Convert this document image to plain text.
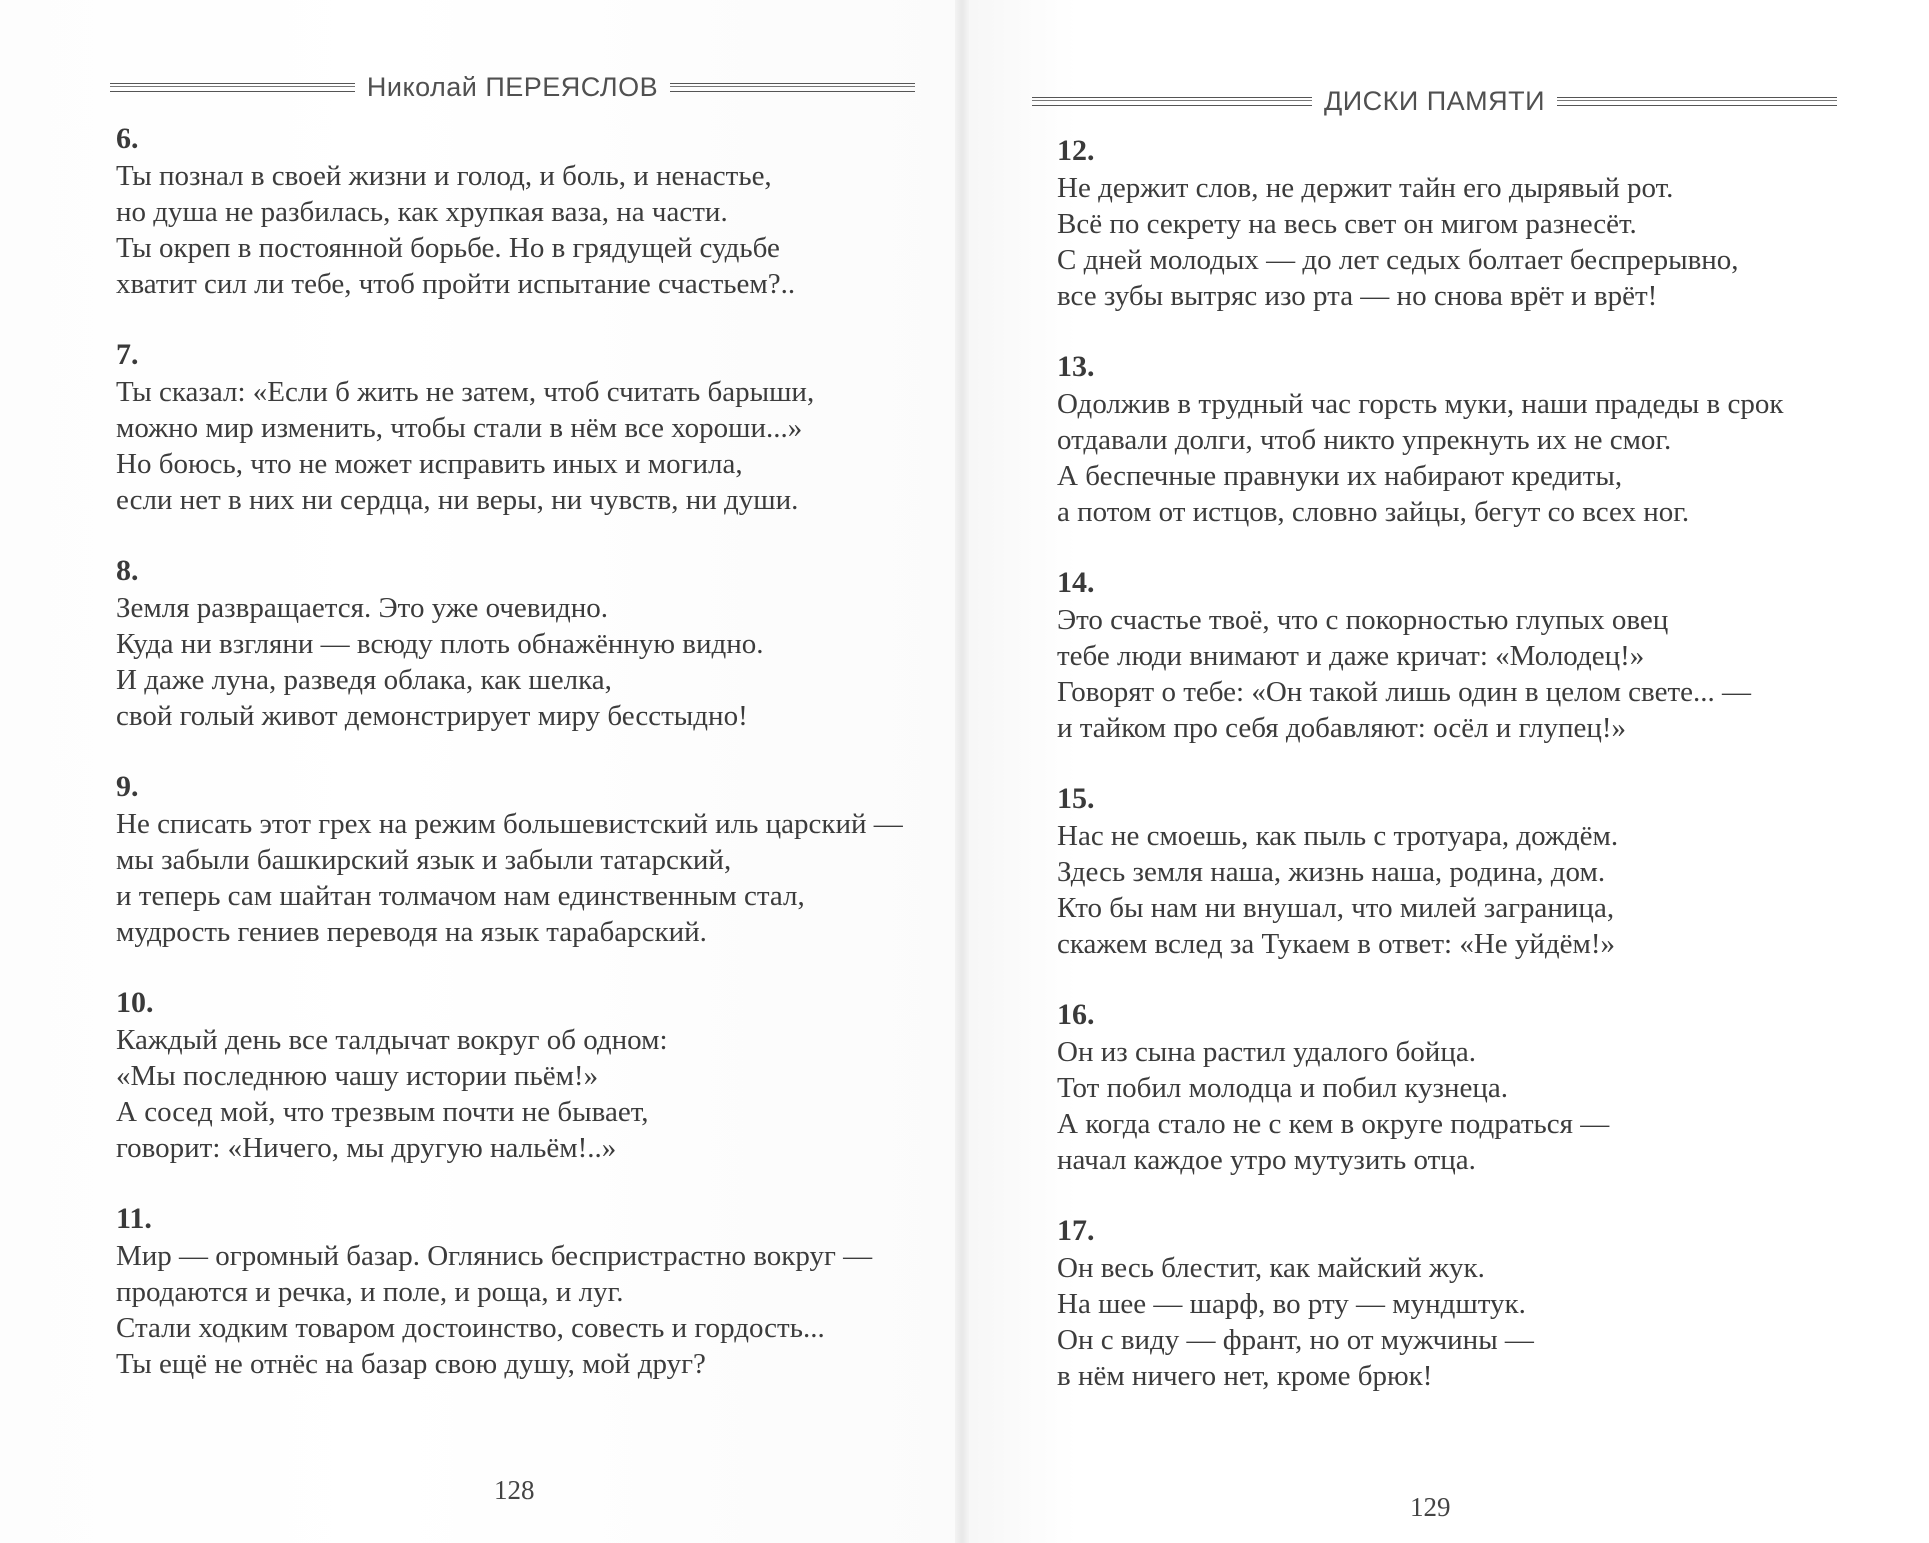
Николай ПЕРЕЯСЛОВ
6.
Ты познал в своей жизни и голод, и боль, и ненастье,
но душа не разбилась, как хрупкая ваза, на части.
Ты окреп в постоянной борьбе. Но в грядущей судьбе
хватит сил ли тебе, чтоб пройти испытание счастьем?..
7.
Ты сказал: «Если б жить не затем, чтоб считать барыши,
можно мир изменить, чтобы стали в нём все хороши...»
Но боюсь, что не может исправить иных и могила,
если нет в них ни сердца, ни веры, ни чувств, ни души.
8.
Земля развращается. Это уже очевидно.
Куда ни взгляни — всюду плоть обнажённую видно.
И даже луна, разведя облака, как шелка,
свой голый живот демонстрирует миру бесстыдно!
9.
Не списать этот грех на режим большевистский иль царский —
мы забыли башкирский язык и забыли татарский,
и теперь сам шайтан толмачом нам единственным стал,
мудрость гениев переводя на язык тарабарский.
10.
Каждый день все талдычат вокруг об одном:
«Мы последнюю чашу истории пьём!»
А сосед мой, что трезвым почти не бывает,
говорит: «Ничего, мы другую нальём!..»
11.
Мир — огромный базар. Оглянись беспристрастно вокруг —
продаются и речка, и поле, и роща, и луг.
Стали ходким товаром достоинство, совесть и гордость...
Ты ещё не отнёс на базар свою душу, мой друг?
128
ДИСКИ ПАМЯТИ
12.
Не держит слов, не держит тайн его дырявый рот.
Всё по секрету на весь свет он мигом разнесёт.
С дней молодых — до лет седых болтает беспрерывно,
все зубы вытряс изо рта — но снова врёт и врёт!
13.
Одолжив в трудный час горсть муки, наши прадеды в срок
отдавали долги, чтоб никто упрекнуть их не смог.
А беспечные правнуки их набирают кредиты,
а потом от истцов, словно зайцы, бегут со всех ног.
14.
Это счастье твоё, что с покорностью глупых овец
тебе люди внимают и даже кричат: «Молодец!»
Говорят о тебе: «Он такой лишь один в целом свете... —
и тайком про себя добавляют: осёл и глупец!»
15.
Нас не смоешь, как пыль с тротуара, дождём.
Здесь земля наша, жизнь наша, родина, дом.
Кто бы нам ни внушал, что милей заграница,
скажем вслед за Тукаем в ответ: «Не уйдём!»
16.
Он из сына растил удалого бойца.
Тот побил молодца и побил кузнеца.
А когда стало не с кем в округе подраться —
начал каждое утро мутузить отца.
17.
Он весь блестит, как майский жук.
На шее — шарф, во рту — мундштук.
Он с виду — франт, но от мужчины —
в нём ничего нет, кроме брюк!
129
